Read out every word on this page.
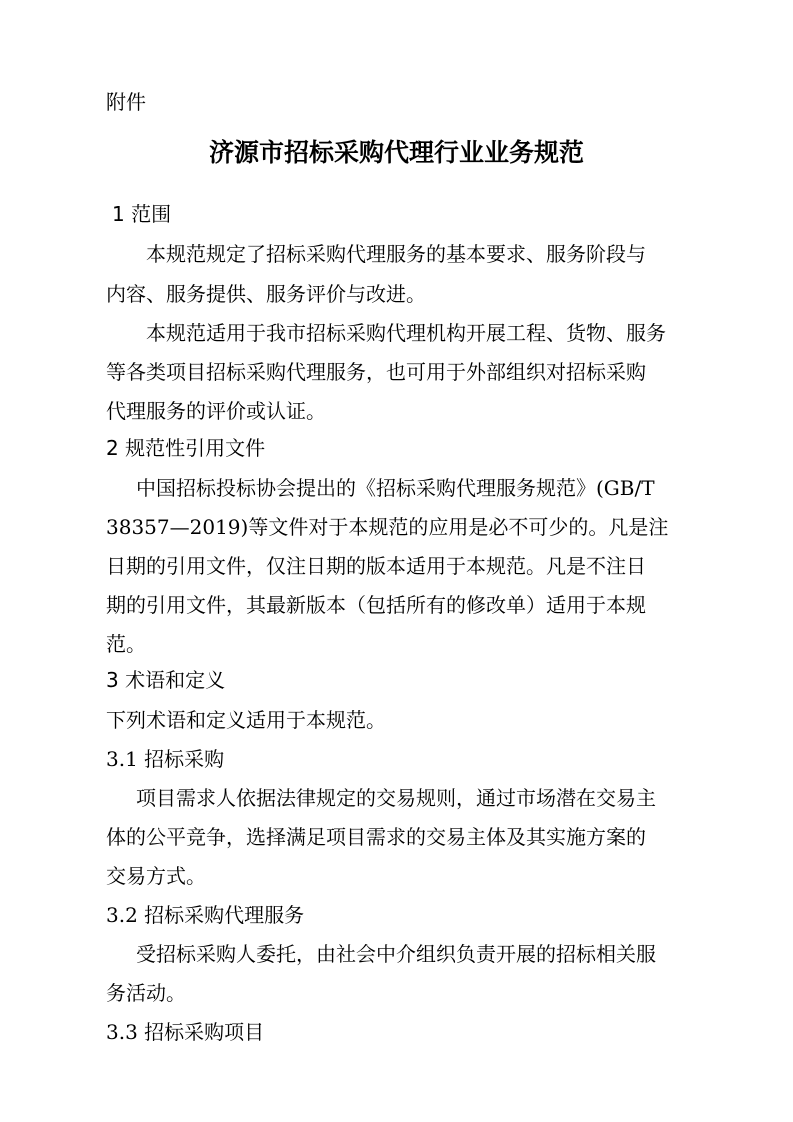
附件
济源市招标采购代理行业业务规范
1 范围
本规范规定了招标采购代理服务的基本要求、服务阶段与
内容、服务提供、服务评价与改进。
本规范适用于我市招标采购代理机构开展工程、货物、服务
等各类项目招标采购代理服务，也可用于外部组织对招标采购
代理服务的评价或认证。
2 规范性引用文件
中国招标投标协会提出的《招标采购代理服务规范》(GB/T
38357—2019)等文件对于本规范的应用是必不可少的。凡是注
日期的引用文件，仅注日期的版本适用于本规范。凡是不注日
期的引用文件，其最新版本（包括所有的修改单）适用于本规
范。
3 术语和定义
下列术语和定义适用于本规范。
3.1 招标采购
项目需求人依据法律规定的交易规则，通过市场潜在交易主
体的公平竞争，选择满足项目需求的交易主体及其实施方案的
交易方式。
3.2 招标采购代理服务
受招标采购人委托，由社会中介组织负责开展的招标相关服
务活动。
3.3 招标采购项目
